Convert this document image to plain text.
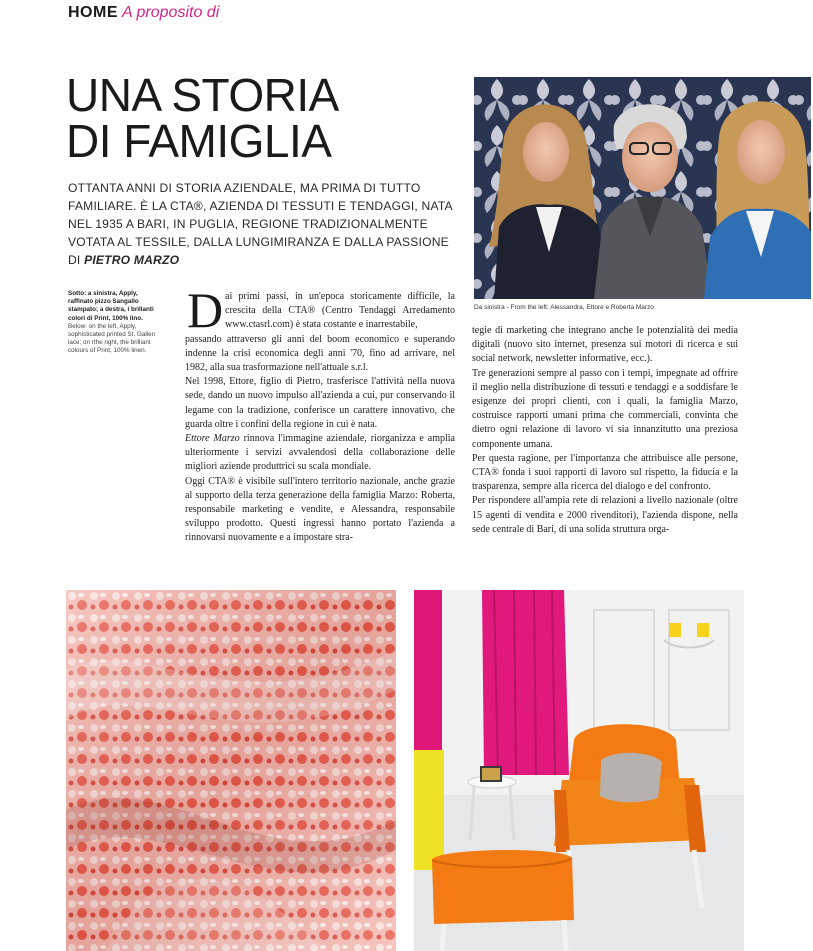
HOME A proposito di
UNA STORIA
DI FAMIGLIA
OTTANTA ANNI DI STORIA AZIENDALE, MA PRIMA DI TUTTO FAMILIARE. È LA CTA®, AZIENDA DI TESSUTI E TENDAGGI, NATA NEL 1935 A BARI, IN PUGLIA, REGIONE TRADIZIONALMENTE VOTATA AL TESSILE, DALLA LUNGIMIRANZA E DALLA PASSIONE DI PIETRO MARZO

Sotto: a sinistra, Apply, raffinato pizzo Sangallo stampato; a destra, i brillanti colori di Print, 100% lino.

Below: on the left, Apply, sophisticated printed St. Gallen lace; on rthe right, the brilliant colours of Print, 100% linen.

Da sinistra - From the left: Alessandra, Ettore e Roberta Marzo
D ai primi passi, in un'epoca storicamente difficile, la crescita della CTA® (Centro Tendaggi Arredamento www.ctasrl.com) è stata costante e inarrestabile,

passando attraverso gli anni del boom economico e superando indenne la crisi economica degli anni '70, fino ad arrivare, nel 1982, alla sua trasformazione nell'attuale s.r.l.

Nel 1998, Ettore, figlio di Pietro, trasferisce l'attività nella nuova sede, dando un nuovo impulso all'azienda a cui, pur conservando il legame con la tradizione, conferisce un carattere innovativo, che guarda oltre i confini della regione in cui è nata.

Ettore Marzo rinnova l'immagine aziendale, riorganizza e amplia ulteriormente i servizi avvalendosi della collaborazione delle migliori aziende produttrici su scala mondiale.

Oggi CTA® è visibile sull'intero territorio nazionale, anche grazie al supporto della terza generazione della famiglia Marzo: Roberta, responsabile marketing e vendite, e Alessandra, responsabile sviluppo prodotto. Questi ingressi hanno portato l'azienda a rinnovarsi nuovamente e a impostare stra-

tegie di marketing che integrano anche le potenzialità dei media digitali (nuovo sito internet, presenza sui motori di ricerca e sui social network, newsletter informative, ecc.).

Tre generazioni sempre al passo con i tempi, impegnate ad offrire il meglio nella distribuzione di tessuti e tendaggi e a soddisfare le esigenze dei propri clienti, con i quali, la famiglia Marzo, costruisce rapporti umani prima che commerciali, convinta che dietro ogni relazione di lavoro vi sia innanzitutto una preziosa componente umana.

Per questa ragione, per l'importanza che attribuisce alle persone, CTA® fonda i suoi rapporti di lavoro sul rispetto, la fiducia e la trasparenza, sempre alla ricerca del dialogo e del confronto.

Per rispondere all'ampia rete di relazioni a livello nazionale (oltre 15 agenti di vendita e 2000 rivenditori), l'azienda dispone, nella sede centrale di Bari, di una solida struttura orga-
